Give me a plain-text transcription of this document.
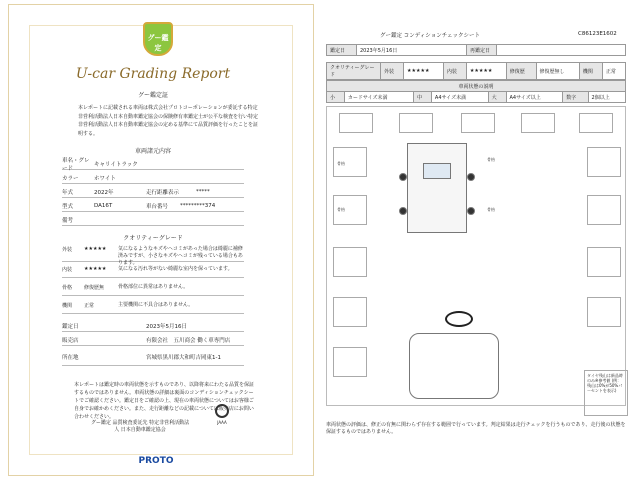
グー鑑定
U-car Grading Report
グー鑑定証
本レポートに記載される車両は株式会社プロトコーポレーションが委託する特定非営利活動法人日本自動車鑑定協会の保険修有車鑑定士が公平な検査を行い特定非営利活動法人日本自動車鑑定協会の定める基準にて品質評価を行ったことを証明する。
車両諸元内容
車名・グレード
キャリイトラック
カラー	ホワイト
年式	2022年	走行距離表示	*****
型式	DA16T	車台番号	*********374
備考
クオリティーグレード
外装	★★★★★	気になるようなキズやヘコミがあった場合は綺麗に補修済みですが、小さなキズやヘコミが残っている場合もあります。
内装	★★★★★	気になる汚れ等がない綺麗な室内を保っています。
骨格	修復歴無	骨格部位に異常はありません。
機関	正常	主要機関に不具合はありません。
鑑定日	2023年5月16日
販売店	有限会社　五川商会 働く車専門店
所在地	宮城県黒川郡大和町吉岡東1-1
本レポートは鑑定時の車両状態を示すものであり、以降将来にわたる品質を保証するものではありません。車両状態の詳細は裏面のコンディションチェックシートでご確認ください。鑑定日をご確認の上、現在の車両状態についてはお客様ご自身でお確かめください。また、走行距離などの記載については販売店にお問い合わせください。
グー鑑定 品質検査委託先 特定非営利活動法人 日本自動車鑑定協会
JAAA
PROTO
グー鑑定 コンディションチェックシート	C86123E1602
鑑定日	2023年5月16日	再鑑定日	
クオリティーグレード	外装	★★★★★	内装	★★★★★	修復歴	修復歴無し	機関	正常
車両状態の説明
小	カードサイズ未満	中	A4サイズ未満	大	A4サイズ以上	数字	2個以上
骨格
骨格
骨格	骨格
タイヤ残山は新品時のみ※参考値 (例：残山は0%が50%パーセントを表示)
車両状態の評価は、修正の有無に関わらず存在する範囲で行っています。判定結果は走行チェックを行うものであり、走行後の状態を保証するものではありません。
